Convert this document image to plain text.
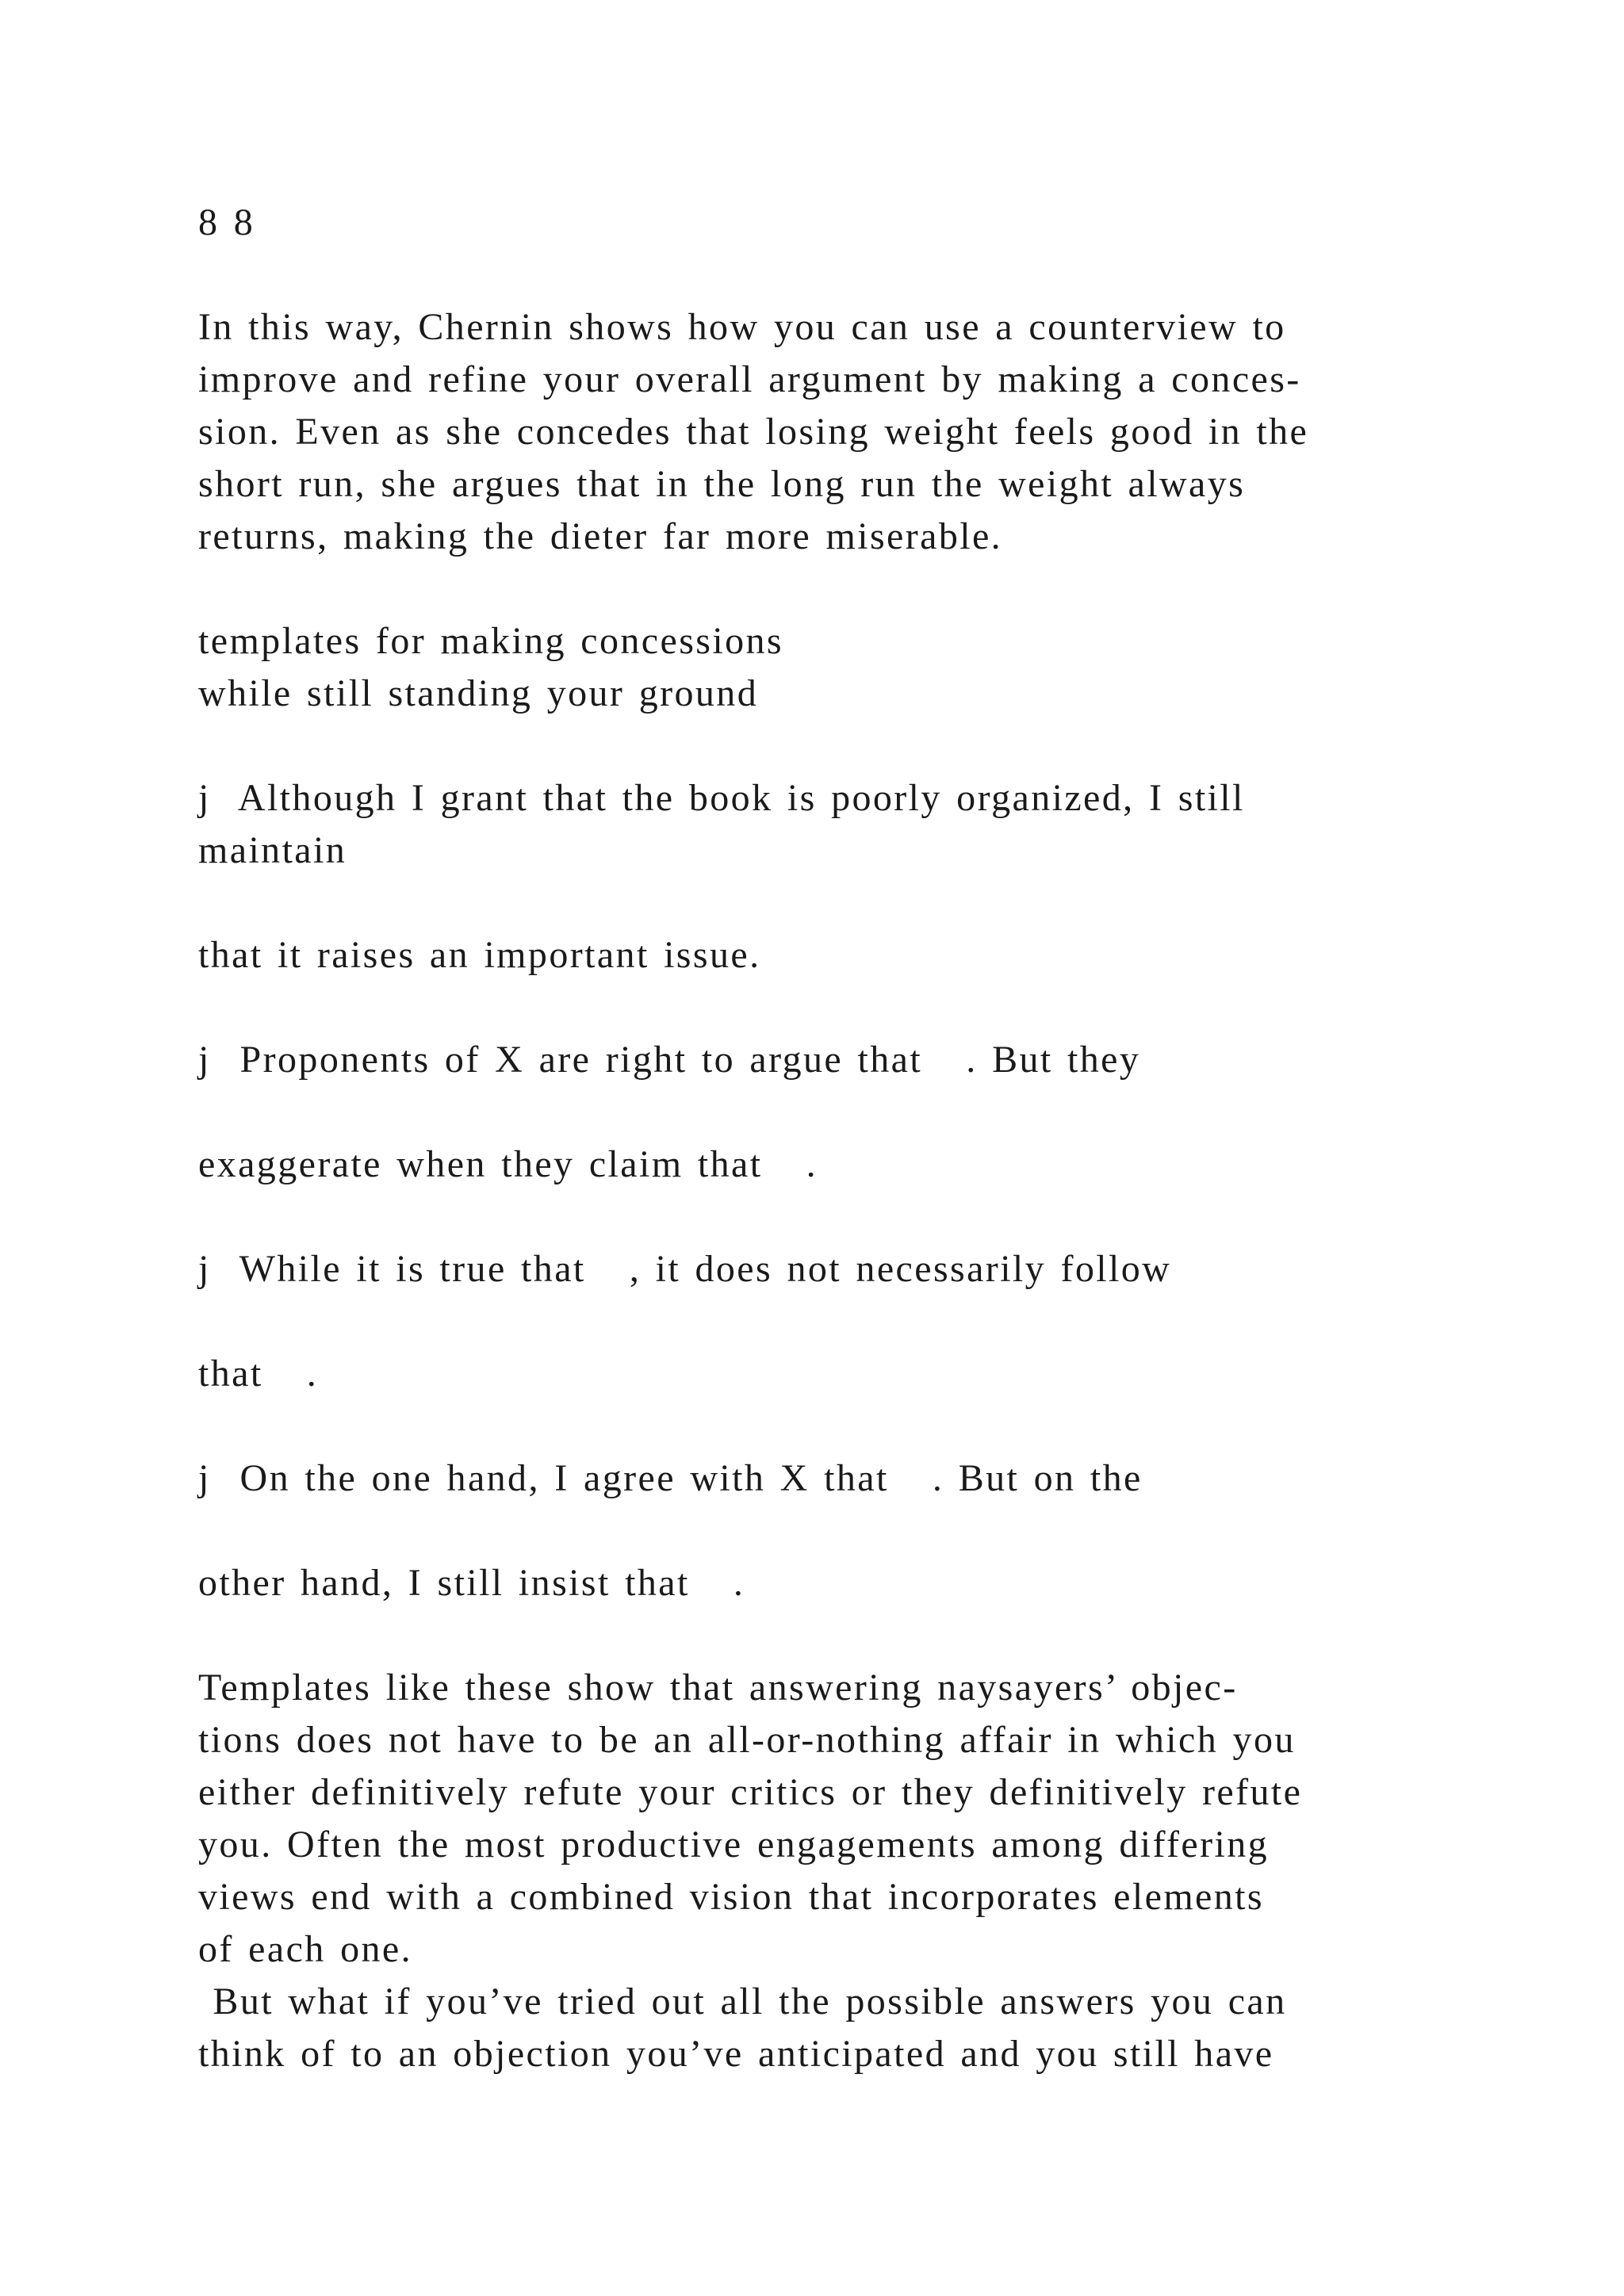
8 8

In this way, Chernin shows how you can use a counterview to

improve and refine your overall argument by making a conces-

sion. Even as she concedes that losing weight feels good in the

short run, she argues that in the long run the weight always

returns, making the dieter far more miserable.

templates for making concessions

while still standing your ground

j  Although I grant that the book is poorly organized, I still

maintain

that it raises an important issue.

j  Proponents of X are right to argue that   . But they

exaggerate when they claim that   .

j  While it is true that   , it does not necessarily follow

that   .

j  On the one hand, I agree with X that   . But on the

other hand, I still insist that   .

Templates like these show that answering naysayers’ objec-

tions does not have to be an all-or-nothing affair in which you

either definitively refute your critics or they definitively refute

you. Often the most productive engagements among differing

views end with a combined vision that incorporates elements

of each one.

But what if you’ve tried out all the possible answers you can

think of to an objection you’ve anticipated and you still have
